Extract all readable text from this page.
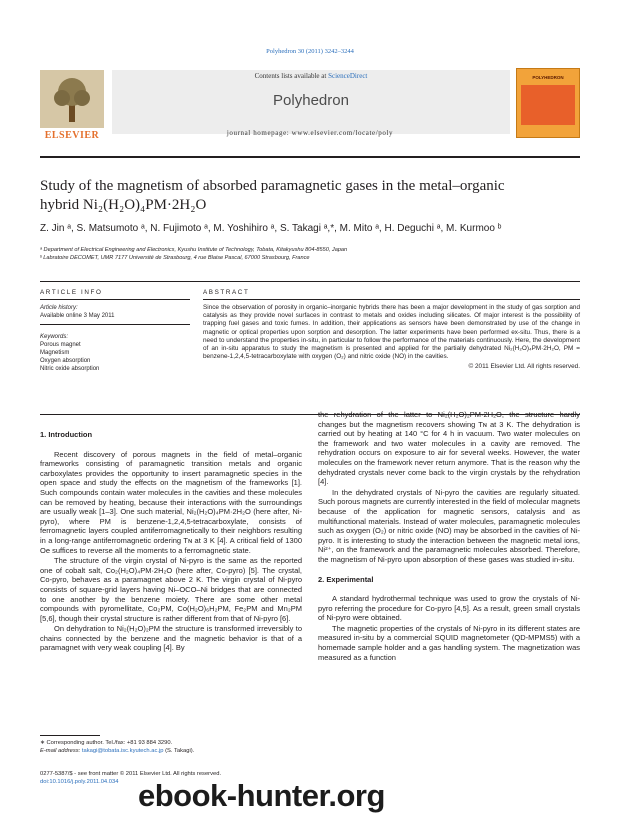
Polyhedron 30 (2011) 3242–3244
ELSEVIER
Contents lists available at ScienceDirect
Polyhedron
journal homepage: www.elsevier.com/locate/poly
POLYHEDRON
Study of the magnetism of absorbed paramagnetic gases in the metal–organic
hybrid Ni₂(H₂O)₄PM·2H₂O
Z. Jin ᵃ, S. Matsumoto ᵃ, N. Fujimoto ᵃ, M. Yoshihiro ᵃ, S. Takagi ᵃ,*, M. Mito ᵃ, H. Deguchi ᵃ, M. Kurmoo ᵇ
ᵃ Department of Electrical Engineering and Electronics, Kyushu Institute of Technology, Tobata, Kitakyushu 804-8550, Japan
ᵇ Labratoire DECOMET, UMR 7177 Université de Strasbourg, 4 rue Blaise Pascal, 67000 Strasbourg, France
ARTICLE INFO	ABSTRACT
Article history:
Available online 3 May 2011
Keywords:
Porous magnet
Magnetism
Oxygen absorption
Nitric oxide absorption
Since the observation of porosity in organic–inorganic hybrids there has been a major development in the study of gas sorption and catalysis as they provide novel surfaces in contrast to metals and oxides including silicates. Of major interest is the possibility of trapping fuel gases and toxic fumes. In addition, their applications as sensors have been demonstrated by use of the change in magnetic or optical properties upon sorption and desorption. The latter experiments have been performed ex-situ. Thus, there is a need to understand the properties in-situ, in particular to follow the performance of the materials continuously. Here, the development of an in-situ apparatus to study the magnetism is presented and applied for the partially dehydrated Ni₂(H₂O)₄PM·2H₂O, PM = benzene-1,2,4,5-tetracarboxylate with oxygen (O₂) and nitric oxide (NO) in the cavities.
© 2011 Elsevier Ltd. All rights reserved.
1. Introduction

Recent discovery of porous magnets in the field of metal–organic frameworks consisting of paramagnetic transition metals and organic carboxylates provides the opportunity to insert paramagnetic species in the open space and study the effects on the magnetism of the frameworks [1]. Such compounds contain water molecules in the cavities and these molecules can be removed by heating, because their interactions with the surroundings are usually weak [1–3]. One such material, Ni₂(H₂O)₄PM·2H₂O (here after, Ni-pyro), where PM is benzene-1,2,4,5-tetracarboxylate, consists of ferromagnetic layers coupled antiferromagnetically to their neighbors resulting in a long-range antiferromagnetic ordering Tɴ at 3 K [4]. A critical field of 1300 Oe suffices to reverse all the moments to a ferromagnetic state.

The structure of the virgin crystal of Ni-pyro is the same as the reported one of cobalt salt, Co₂(H₂O)₄PM·2H₂O (here after, Co-pyro) [5]. The crystal, Co-pyro, behaves as a paramagnet above 2 K. The virgin crystal of Ni-pyro consists of square-grid layers having Ni–OCO–Ni bridges that are connected to one another by the benzene moiety. There are some other metal compounds with pyromellitate, Co₂PM, Co(H₂O)₆H₂PM, Fe₂PM and Mn₂PM [5,6], though their crystal structure is rather different from that of Ni-pyro [6].

On dehydration to Ni₂(H₂O)₂PM the structure is transformed irreversibly to chains connected by the benzene and the magnetic behavior is that of a paramagnet with very weak coupling [4]. By

the rehydration of the latter to Ni₂(H₂O)₂PM·2H₂O, the structure hardly changes but the magnetism recovers showing Tɴ at 3 K. The dehydration is carried out by heating at 140 °C for 4 h in vacuum. Two water molecules on the framework and two water molecules in a cavity are removed. The rehydration occurs on exposure to air for several weeks. However, the water molecules on the framework never return anymore. That is the reason why the dehydrated crystals never come back to the virgin crystals by the rehydration [4].

In the dehydrated crystals of Ni-pyro the cavities are regularly situated. Such porous magnets are currently interested in the field of molecular magnets because of the application for magnetic sensors, catalysis and as multifunctional materials. Instead of water molecules, paramagnetic molecules such as oxygen (O₂) or nitric oxide (NO) may be absorbed in the cavities of Ni-pyro. It is interesting to study the interaction between the magnetic metal ions, Ni²⁺, on the framework and the paramagnetic molecules absorbed. Therefore, the magnetism of Ni-pyro upon absorption of these gases was studied in-situ.

2. Experimental

A standard hydrothermal technique was used to grow the crystals of Ni-pyro referring the procedure for Co-pyro [4,5]. As a result, green small crystals of Ni-pyro were obtained.

The magnetic properties of the crystals of Ni-pyro in its different states are measured in-situ by a commercial SQUID magnetometer (QD-MPMS5) with a homemade sample holder and a gas handling system. The magnetization was measured as a function

∗ Corresponding author. Tel./fax: +81 93 884 3290.
E-mail address: takagi@tobata.isc.kyutech.ac.jp (S. Takagi).
0277-5387/$ - see front matter © 2011 Elsevier Ltd. All rights reserved.
doi:10.1016/j.poly.2011.04.034 ebook-hunter.org
